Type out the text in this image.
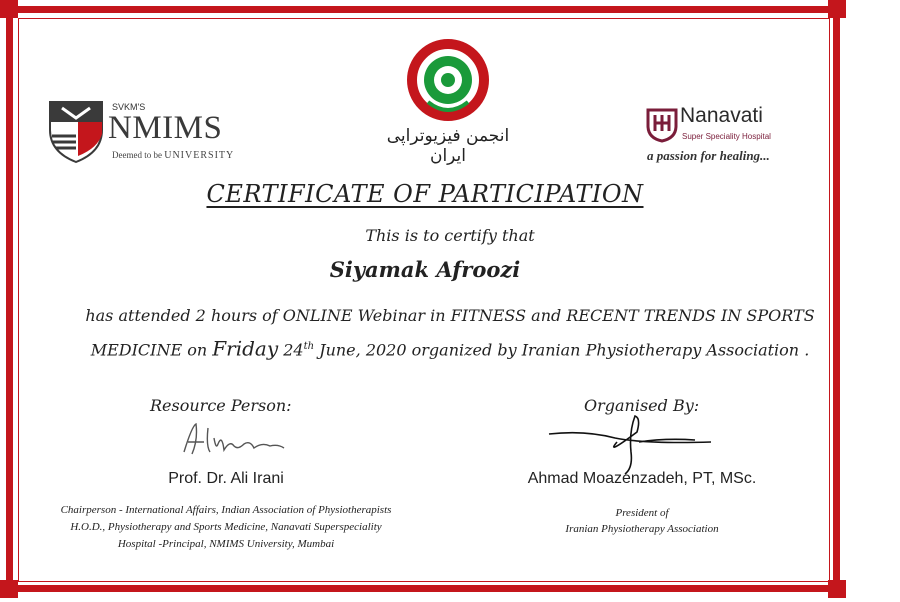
SVKM'S
NMIMS
Deemed to be UNIVERSITY
IRANIAN PHYSIOTHERAPY ASSOCIATION
انجمن فیزیوتراپی ایران
Nanavati
Super Speciality Hospital
a passion for healing...
CERTIFICATE OF PARTICIPATION
This is to certify that
Siyamak Afroozi
has attended 2 hours of ONLINE Webinar in FITNESS and RECENT TRENDS IN SPORTS MEDICINE on Friday 24th June, 2020 organized by Iranian Physiotherapy Association .
Resource Person:	Organised By:
Prof. Dr. Ali Irani	Ahmad Moazenzadeh, PT, MSc.
Chairperson - International Affairs, Indian Association of Physiotherapists
H.O.D., Physiotherapy and Sports Medicine, Nanavati Superspeciality
Hospital -Principal, NMIMS University, Mumbai
President of
Iranian Physiotherapy Association
